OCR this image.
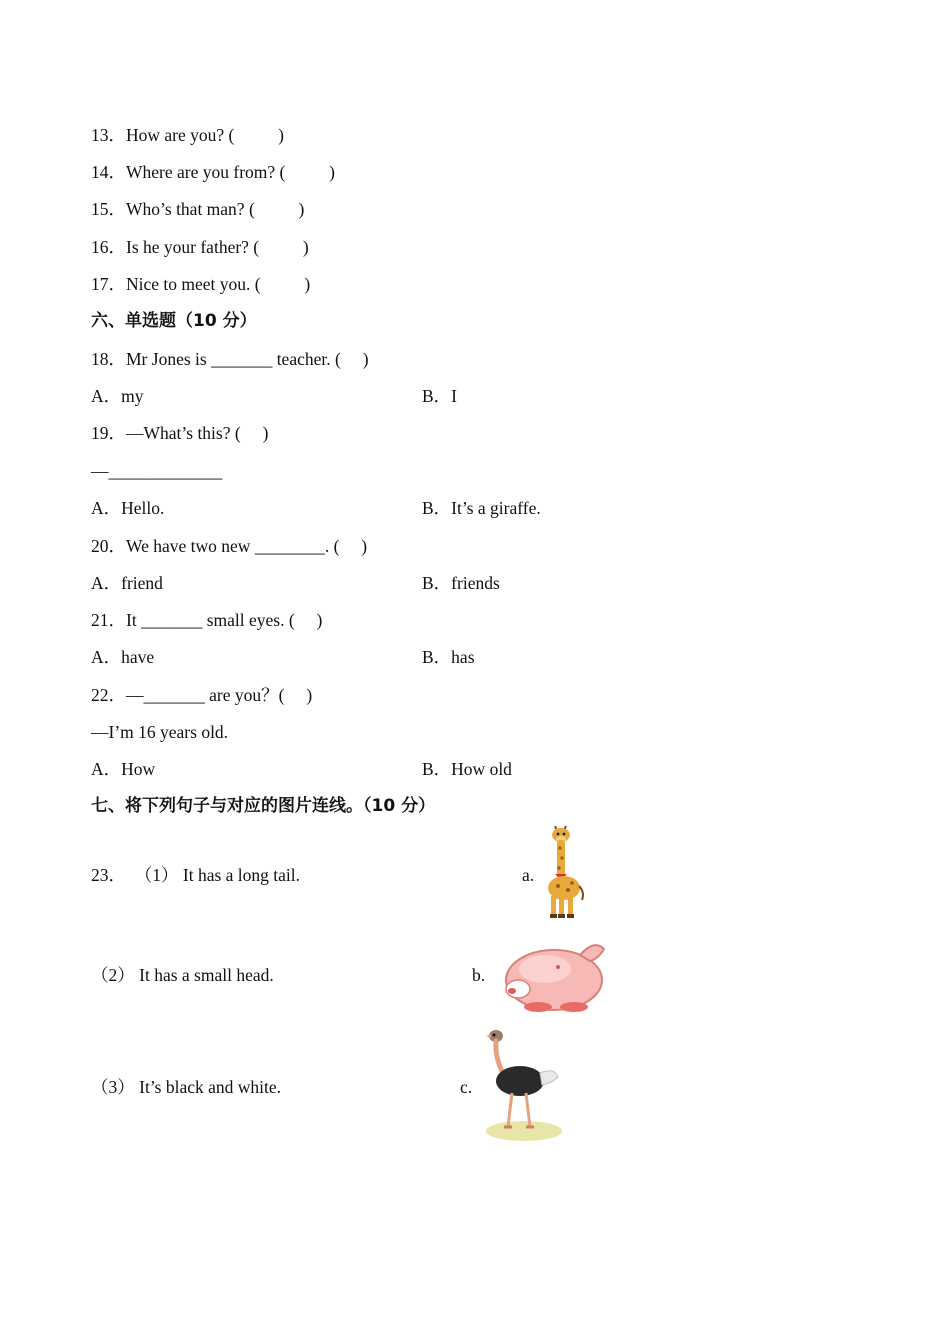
13．How are you? (          )
14．Where are you from? (          )
15．Who’s that man? (          )
16．Is he your father? (          )
17．Nice to meet you. (          )
六、单选题（10 分）
18．Mr Jones is _______ teacher. (     )
A．my	B．I
19．—What’s this? (     )
—_____________
A．Hello.	B．It’s a giraffe.
20．We have two new ________. (     )
A．friend	B．friends
21．It _______ small eyes. (     )
A．have	B．has
22．—_______ are you？(     )
—I’m 16 years old.
A．How	B．How old
七、将下列句子与对应的图片连线。（10 分）
23． （1） It has a long tail.	a.
（2） It has a small head.	b.
（3） It’s black and white.	c.
